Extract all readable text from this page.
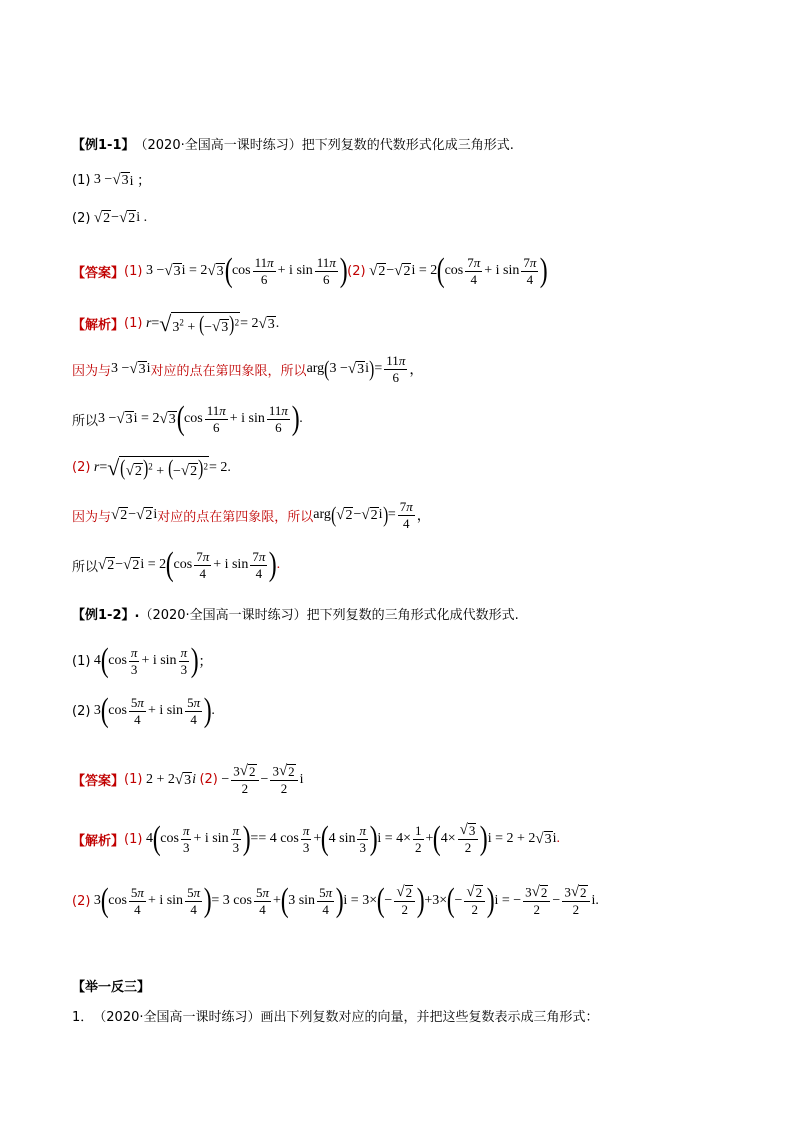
【例1-1】 （2020·全国高一课时练习） 把下列复数的代数形式化成三角形式.
(1) 3 − √ 3 i ；
(2)
√ 2 − √ 2 i .
【答案】 (1) 3 − √ 3 i = 2 √ 3 ( $\cos \frac{11\pi}{6} + i$ $\sin \frac{11\pi}{6}$ ) (2)
√ 2 − √ 2 i = 2 ( $\cos \frac{7\pi}{4} + i$ $\sin \frac{7\pi}{4}$ )
【解析】 (1)
r = √ $3^2$ + (− √ 3 )$^2$ = 2 √ 3 .
因为与 3 − √ 3 i 对应的点在第四象限，所以 arg ( 3 − √ 3 i ) = $\frac{11\pi}{6}$ ，
所以 3 − √ 3 i = 2 √ 3 ( $\cos \frac{11\pi}{6} + i$ $\sin \frac{11\pi}{6}$ ) .
(2)
r = √ ( √ 2 )$^2$ + (− √ 2 )$^2$ = 2.
因为与 √ 2 − √ 2 i 对应的点在第四象限，所以 arg ( √ 2 − √ 2 i ) = $\frac{7\pi}{4}$ ，
所以 √ 2 − √ 2 i = 2 ( $\cos \frac{7\pi}{4} + i$ $\sin \frac{7\pi}{4}$ ) .
【例1-2】 . （2020·全国高一课时练习） 把下列复数的三角形式化成代数形式.
(1) 4 ( $\cos \frac{\pi}{3} + i$ $\sin \frac{\pi}{3}$ ) ；
(2) 3 ( $\cos \frac{5\pi}{4} + i$ $\sin \frac{5\pi}{4}$ ) .
【答案】 (1) 2 + 2 √ 3 i
$(2) - \frac{3 √ 2}{2} - \frac{3 √ 2}{2}$ i
【解析】 (1) 4 ( $\cos \frac{\pi}{3} + i$ $\sin \frac{\pi}{3}$ ) == 4 $\cos \frac{\pi}{3}$ + ( 4 $\sin \frac{\pi}{3}$ ) $i = 4\times \frac{1}{2}$ + ( $4\times \frac{√ 3}{2}$ ) i = 2 + 2 √ 3 i .
(2) 3 ( $\cos \frac{5\pi}{4} + i$ $\sin \frac{5\pi}{4}$ ) = 3 $\cos \frac{5\pi}{4}$ + ( 3 $\sin \frac{5\pi}{4}$ ) i = 3× ( − $\frac{√ 2}{2}$ ) +3× ( − $\frac{√ 2}{2}$ ) i = − $\frac{3 √ 2}{2} - \frac{3 √ 2}{2} i$.
【举一反三】
1． （2020·全国高一课时练习） 画出下列复数对应的向量，并把这些复数表示成三角形式：
